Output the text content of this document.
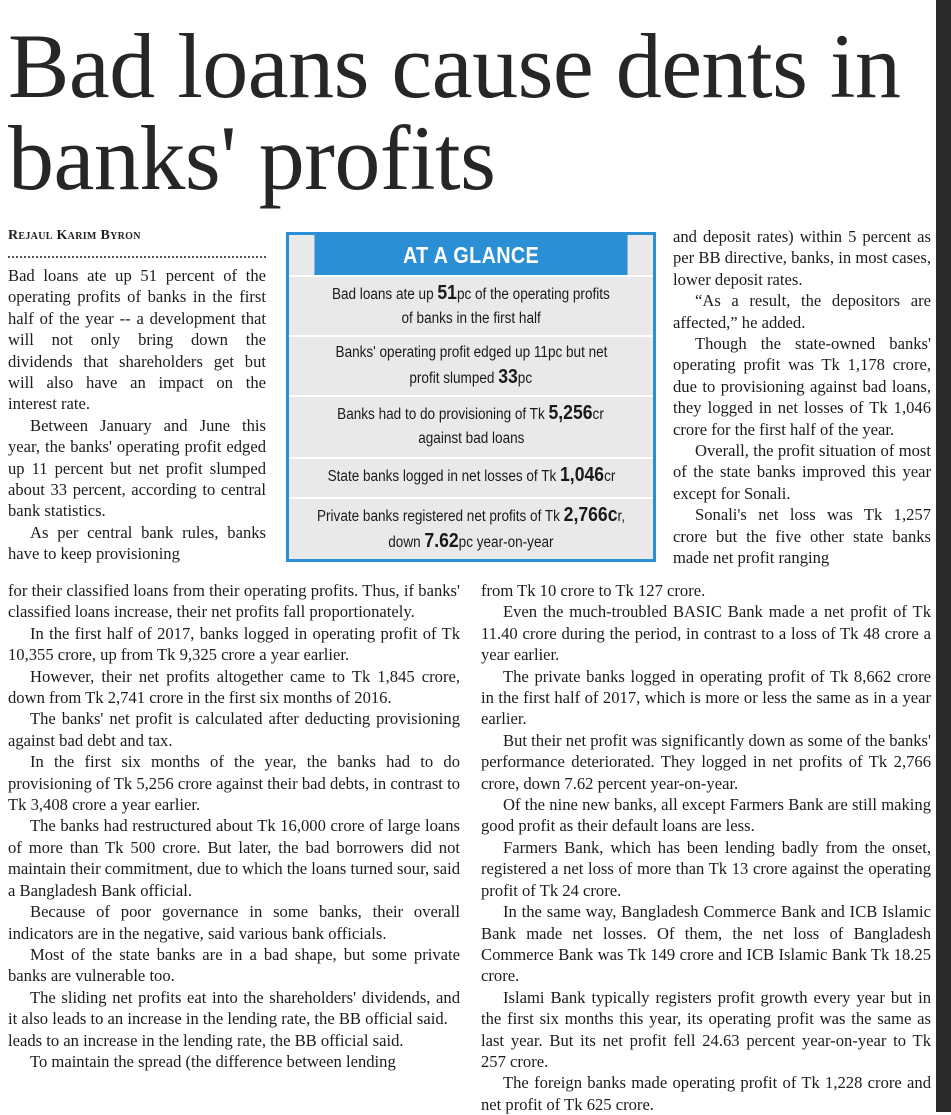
Bad loans cause dents in banks' profits
Rejaul Karim Byron

Bad loans ate up 51 percent of the operating profits of banks in the first half of the year -- a development that will not only bring down the dividends that shareholders get but will also have an impact on the interest rate.

Between January and June this year, the banks' operating profit edged up 11 percent but net profit slumped about 33 percent, according to central bank statistics.

As per central bank rules, banks have to keep provisioning

AT A GLANCE
Bad loans ate up 51pc of the operating profits
of banks in the first half
Banks' operating profit edged up 11pc but net
profit slumped 33pc
Banks had to do provisioning of Tk 5,256cr
against bad loans
State banks logged in net losses of Tk 1,046cr
Private banks registered net profits of Tk 2,766cr,
down 7.62pc year-on-year

for their classified loans from their operating profits. Thus, if banks' classified loans increase, their net profits fall proportionately.

In the first half of 2017, banks logged in operating profit of Tk 10,355 crore, up from Tk 9,325 crore a year earlier.

However, their net profits altogether came to Tk 1,845 crore, down from Tk 2,741 crore in the first six months of 2016.

The banks' net profit is calculated after deducting provisioning against bad debt and tax.

In the first six months of the year, the banks had to do provisioning of Tk 5,256 crore against their bad debts, in contrast to Tk 3,408 crore a year earlier.

The banks had restructured about Tk 16,000 crore of large loans of more than Tk 500 crore. But later, the bad borrowers did not maintain their commitment, due to which the loans turned sour, said a Bangladesh Bank official.

Because of poor governance in some banks, their overall indicators are in the negative, said various bank officials.

Most of the state banks are in a bad shape, but some private banks are vulnerable too.

The sliding net profits eat into the shareholders' dividends, and it also leads to an increase in the lending rate, the BB official said.

leads to an increase in the lending rate, the BB official said.

To maintain the spread (the difference between lending

and deposit rates) within 5 percent as per BB directive, banks, in most cases, lower deposit rates.

“As a result, the depositors are affected,” he added.

Though the state-owned banks' operating profit was Tk 1,178 crore, due to provisioning against bad loans, they logged in net losses of Tk 1,046 crore for the first half of the year.

Overall, the profit situation of most of the state banks improved this year except for Sonali.

Sonali's net loss was Tk 1,257 crore but the five other state banks made net profit ranging

from Tk 10 crore to Tk 127 crore.

Even the much-troubled BASIC Bank made a net profit of Tk 11.40 crore during the period, in contrast to a loss of Tk 48 crore a year earlier.

The private banks logged in operating profit of Tk 8,662 crore in the first half of 2017, which is more or less the same as in a year earlier.

But their net profit was significantly down as some of the banks' performance deteriorated. They logged in net profits of Tk 2,766 crore, down 7.62 percent year-on-year.

Of the nine new banks, all except Farmers Bank are still making good profit as their default loans are less.

Farmers Bank, which has been lending badly from the onset, registered a net loss of more than Tk 13 crore against the operating profit of Tk 24 crore.

In the same way, Bangladesh Commerce Bank and ICB Islamic Bank made net losses. Of them, the net loss of Bangladesh Commerce Bank was Tk 149 crore and ICB Islamic Bank Tk 18.25 crore.

Islami Bank typically registers profit growth every year but in the first six months this year, its operating profit was the same as last year. But its net profit fell 24.63 percent year-on-year to Tk 257 crore.

The foreign banks made operating profit of Tk 1,228 crore and net profit of Tk 625 crore.
